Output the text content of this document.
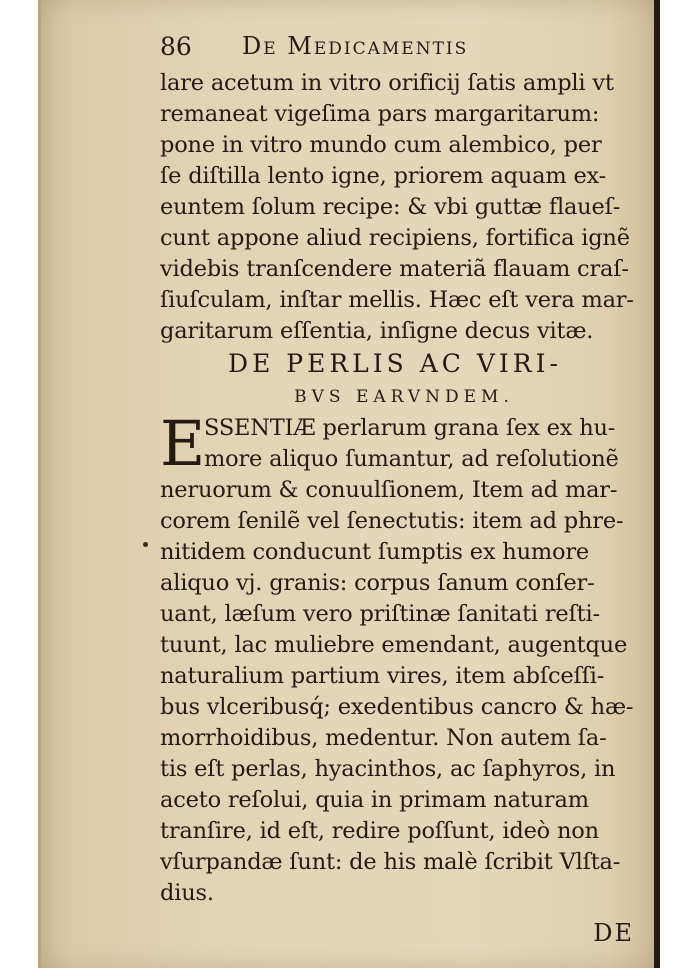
86 De Medicamentis
lare acetum in vitro orificij ſatis ampli vt
remaneat vigeſima pars margaritarum:
pone in vitro mundo cum alembico, per
ſe diſtilla lento igne, priorem aquam ex-
euntem ſolum recipe: & vbi guttæ flaueſ-
cunt appone aliud recipiens, fortifica ignẽ
videbis tranſcendere materiã flauam craſ-
ſiuſculam, inſtar mellis. Hæc eſt vera mar-
garitarum eſſentia, inſigne decus vitæ.
DE PERLIS AC VIRI-
BVS EARVNDEM.
E
SSENTIÆ perlarum grana ſex ex hu-
more aliquo ſumantur, ad reſolutionẽ
neruorum & conuulſionem, Item ad mar-
corem ſenilẽ vel ſenectutis: item ad phre-
nitidem conducunt ſumptis ex humore
aliquo vj. granis: corpus ſanum conſer-
uant, læſum vero priſtinæ ſanitati reſti-
tuunt, lac muliebre emendant, augentque
naturalium partium vires, item abſceſſi-
bus vlceribusq́; exedentibus cancro & hæ-
morrhoidibus, medentur. Non autem ſa-
tis eſt perlas, hyacinthos, ac ſaphyros, in
aceto reſolui, quia in primam naturam
tranſire, id eſt, redire poſſunt, ideò non
vſurpandæ ſunt: de his malè ſcribit Vlſta-
dius.
DE
